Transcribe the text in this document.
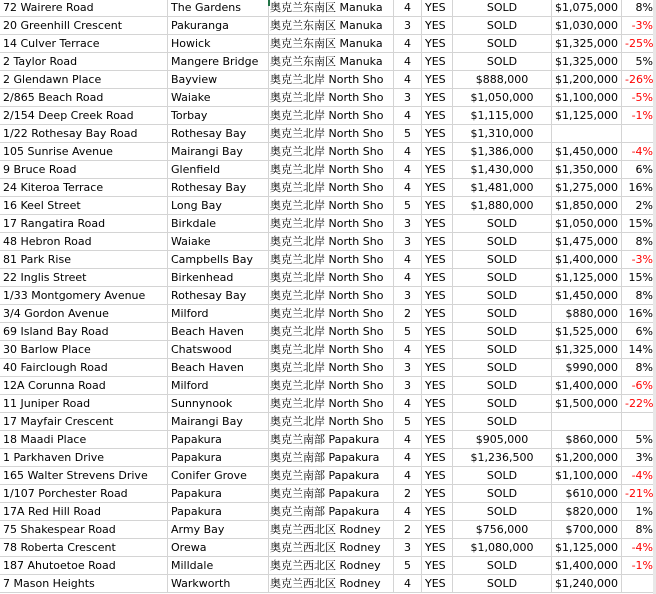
72 Wairere Road	The Gardens	奥克兰东南区 Manuka	4	YES	SOLD	$1,075,000	8%
20 Greenhill Crescent	Pakuranga	奥克兰东南区 Manuka	3	YES	SOLD	$1,030,000	-3%
14 Culver Terrace	Howick	奥克兰东南区 Manuka	4	YES	SOLD	$1,325,000 -25%
2 Taylor Road	Mangere Bridge	奥克兰东南区 Manuka	4	YES	SOLD	$1,325,000	5%
2 Glendawn Place	Bayview	奥克兰北岸 North Sho	4	YES	$888,000	$1,200,000 -26%
2/865 Beach Road	Waiake	奥克兰北岸 North Sho	3	YES	$1,050,000	$1,100,000	-5%
2/154 Deep Creek Road	Torbay	奥克兰北岸 North Sho	4	YES	$1,115,000	$1,125,000	-1%
1/22 Rothesay Bay Road	Rothesay Bay	奥克兰北岸 North Sho	5	YES	$1,310,000
105 Sunrise Avenue	Mairangi Bay	奥克兰北岸 North Sho	4	YES	$1,386,000	$1,450,000	-4%
9 Bruce Road	Glenfield	奥克兰北岸 North Sho	4	YES	$1,430,000	$1,350,000	6%
24 Kiteroa Terrace	Rothesay Bay	奥克兰北岸 North Sho	4	YES	$1,481,000	$1,275,000 16%
16 Keel Street	Long Bay	奥克兰北岸 North Sho	5	YES	$1,880,000	$1,850,000	2%
17 Rangatira Road	Birkdale	奥克兰北岸 North Sho	3	YES	SOLD	$1,050,000 15%
48 Hebron Road	Waiake	奥克兰北岸 North Sho	3	YES	SOLD	$1,475,000	8%
81 Park Rise	Campbells Bay	奥克兰北岸 North Sho	4	YES	SOLD	$1,400,000	-3%
22 Inglis Street	Birkenhead	奥克兰北岸 North Sho	4	YES	SOLD	$1,125,000 15%
1/33 Montgomery Avenue	Rothesay Bay	奥克兰北岸 North Sho	3	YES	SOLD	$1,450,000	8%
3/4 Gordon Avenue	Milford	奥克兰北岸 North Sho	2	YES	SOLD	$880,000 16%
69 Island Bay Road	Beach Haven	奥克兰北岸 North Sho	5	YES	SOLD	$1,525,000	6%
30 Barlow Place	Chatswood	奥克兰北岸 North Sho	4	YES	SOLD	$1,325,000 14%
40 Fairclough Road	Beach Haven	奥克兰北岸 North Sho	3	YES	SOLD	$990,000	8%
12A Corunna Road	Milford	奥克兰北岸 North Sho	3	YES	SOLD	$1,400,000	-6%
11 Juniper Road	Sunnynook	奥克兰北岸 North Sho	4	YES	SOLD	$1,500,000 -22%
17 Mayfair Crescent	Mairangi Bay	奥克兰北岸 North Sho	5	YES	SOLD
18 Maadi Place	Papakura	奥克兰南部 Papakura	4	YES	$905,000	$860,000	5%
1 Parkhaven Drive	Papakura	奥克兰南部 Papakura	4	YES	$1,236,500	$1,200,000	3%
165 Walter Strevens Drive	Conifer Grove	奥克兰南部 Papakura	4	YES	SOLD	$1,100,000	-4%
1/107 Porchester Road	Papakura	奥克兰南部 Papakura	2	YES	SOLD	$610,000 -21%
17A Red Hill Road	Papakura	奥克兰南部 Papakura	4	YES	SOLD	$820,000	1%
75 Shakespear Road	Army Bay	奥克兰西北区 Rodney	2	YES	$756,000	$700,000	8%
78 Roberta Crescent	Orewa	奥克兰西北区 Rodney	3	YES	$1,080,000	$1,125,000	-4%
187 Ahutoetoe Road	Milldale	奥克兰西北区 Rodney	5	YES	SOLD	$1,400,000	-1%
7 Mason Heights	Warkworth	奥克兰西北区 Rodney	4	YES	SOLD	$1,240,000
